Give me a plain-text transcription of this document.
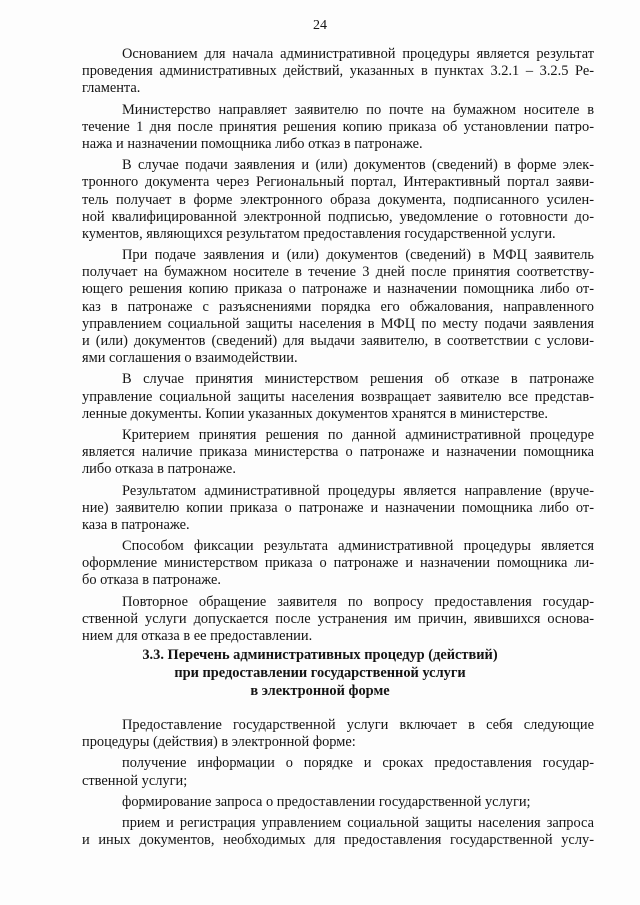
24
Основанием для начала административной процедуры является результат
проведения административных действий, указанных в пунктах 3.2.1 – 3.2.5 Ре-
гламента.
Министерство направляет заявителю по почте на бумажном носителе в
течение 1 дня после принятия решения копию приказа об установлении патро-
нажа и назначении помощника либо отказ в патронаже.
В случае подачи заявления и (или) документов (сведений) в форме элек-
тронного документа через Региональный портал, Интерактивный портал заяви-
тель получает в форме электронного образа документа, подписанного усилен-
ной квалифицированной электронной подписью, уведомление о готовности до-
кументов, являющихся результатом предоставления государственной услуги.
При подаче заявления и (или) документов (сведений) в МФЦ заявитель
получает на бумажном носителе в течение 3 дней после принятия соответству-
ющего решения копию приказа о патронаже и назначении помощника либо от-
каз в патронаже с разъяснениями порядка его обжалования, направленного
управлением социальной защиты населения в МФЦ по месту подачи заявления
и (или) документов (сведений) для выдачи заявителю, в соответствии с услови-
ями соглашения о взаимодействии.
В случае принятия министерством решения об отказе в патронаже
управление социальной защиты населения возвращает заявителю все представ-
ленные документы. Копии указанных документов хранятся в министерстве.
Критерием принятия решения по данной административной процедуре
является наличие приказа министерства о патронаже и назначении помощника
либо отказа в патронаже.
Результатом административной процедуры является направление (вруче-
ние) заявителю копии приказа о патронаже и назначении помощника либо от-
каза в патронаже.
Способом фиксации результата административной процедуры является
оформление министерством приказа о патронаже и назначении помощника ли-
бо отказа в патронаже.
Повторное обращение заявителя по вопросу предоставления государ-
ственной услуги допускается после устранения им причин, явившихся основа-
нием для отказа в ее предоставлении.
3.3. Перечень административных процедур (действий)
при предоставлении государственной услуги
в электронной форме
Предоставление государственной услуги включает в себя следующие
процедуры (действия) в электронной форме:
получение информации о порядке и сроках предоставления государ-
ственной услуги;
формирование запроса о предоставлении государственной услуги;
прием и регистрация управлением социальной защиты населения запроса
и иных документов, необходимых для предоставления государственной услу-
